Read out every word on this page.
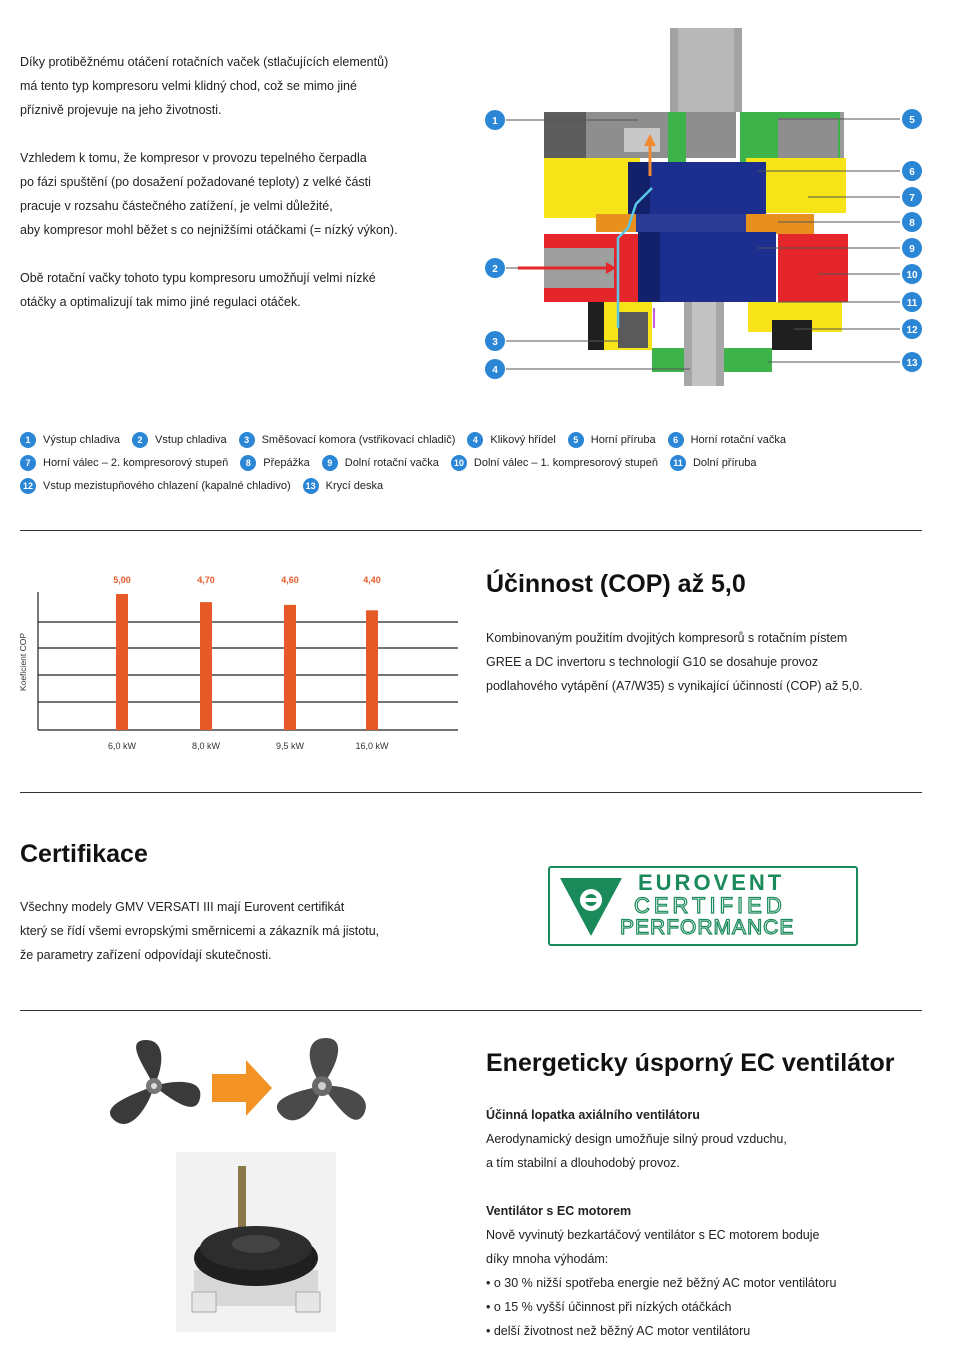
Díky protiběžnému otáčení rotačních vaček (stlačujících elementů)

má tento typ kompresoru velmi klidný chod, což se mimo jiné

příznivě projevuje na jeho životnosti.

Vzhledem k tomu, že kompresor v provozu tepelného čerpadla

po fázi spuštění (po dosažení požadované teploty) z velké části

pracuje v rozsahu částečného zatížení, je velmi důležité,

aby kompresor mohl běžet s co nejnižšími otáčkami (= nízký výkon).

Obě rotační vačky tohoto typu kompresoru umožňují velmi nízké

otáčky a optimalizují tak mimo jiné regulaci otáček.

1
2
3
4
5
6
7
8
9
10
11
12
13
1	Výstup chladiva	2	Vstup chladiva	3	Směšovací komora (vstřikovací chladič)	4	Klikový hřídel	5	Horní příruba	6	Horní rotační vačka
7	Horní válec – 2. kompresorový stupeň	8	Přepážka	9	Dolní rotační vačka	10 Dolní válec – 1. kompresorový stupeň	11 Dolní příruba
12 Vstup mezistupňového chlazení (kapalné chladivo)	13 Krycí deska
Koeficient COP
5,00
6,0 kW
4,70
8,0 kW
4,60
9,5 kW
4,40
16,0 kW
Účinnost (COP) až 5,0

Kombinovaným použitím dvojitých kompresorů s rotačním pístem

GREE a DC invertoru s technologií G10 se dosahuje provoz

podlahového vytápění (A7/W35) s vynikající účinností (COP) až 5,0.

Certifikace

Všechny modely GMV VERSATI III mají Eurovent certifikát

který se řídí všemi evropskými směrnicemi a zákazník má jistotu,

že parametry zařízení odpovídají skutečnosti.

EUROVENT
CERTIFIED
PERFORMANCE
Energeticky úsporný EC ventilátor

Účinná lopatka axiálního ventilátoru

Aerodynamický design umožňuje silný proud vzduchu,

a tím stabilní a dlouhodobý provoz.

Ventilátor s EC motorem

Nově vyvinutý bezkartáčový ventilátor s EC motorem boduje

díky mnoha výhodám:

• o 30 % nižší spotřeba energie než běžný AC motor ventilátoru
• o 15 % vyšší účinnost při nízkých otáčkách
• delší životnost než běžný AC motor ventilátoru
